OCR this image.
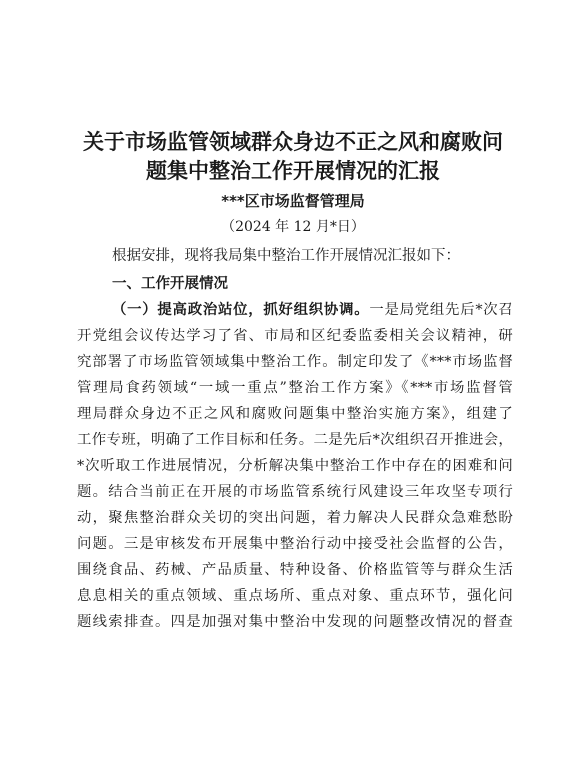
关于市场监管领域群众身边不正之风和腐败问
题集中整治工作开展情况的汇报
***区市场监督管理局
（2024 年 12 月*日）
根据安排，现将我局集中整治工作开展情况汇报如下：
一、工作开展情况
（一）提高政治站位，抓好组织协调。一是局党组先后*次召
开党组会议传达学习了省、市局和区纪委监委相关会议精神，研
究部署了市场监管领域集中整治工作。制定印发了《***市场监督
管理局食药领域“一域一重点”整治工作方案》《***市场监督管
理局群众身边不正之风和腐败问题集中整治实施方案》，组建了
工作专班，明确了工作目标和任务。二是先后*次组织召开推进会，
*次听取工作进展情况，分析解决集中整治工作中存在的困难和问
题。结合当前正在开展的市场监管系统行风建设三年攻坚专项行
动，聚焦整治群众关切的突出问题，着力解决人民群众急难愁盼
问题。三是审核发布开展集中整治行动中接受社会监督的公告，
围绕食品、药械、产品质量、特种设备、价格监管等与群众生活
息息相关的重点领域、重点场所、重点对象、重点环节，强化问
题线索排查。四是加强对集中整治中发现的问题整改情况的督查
